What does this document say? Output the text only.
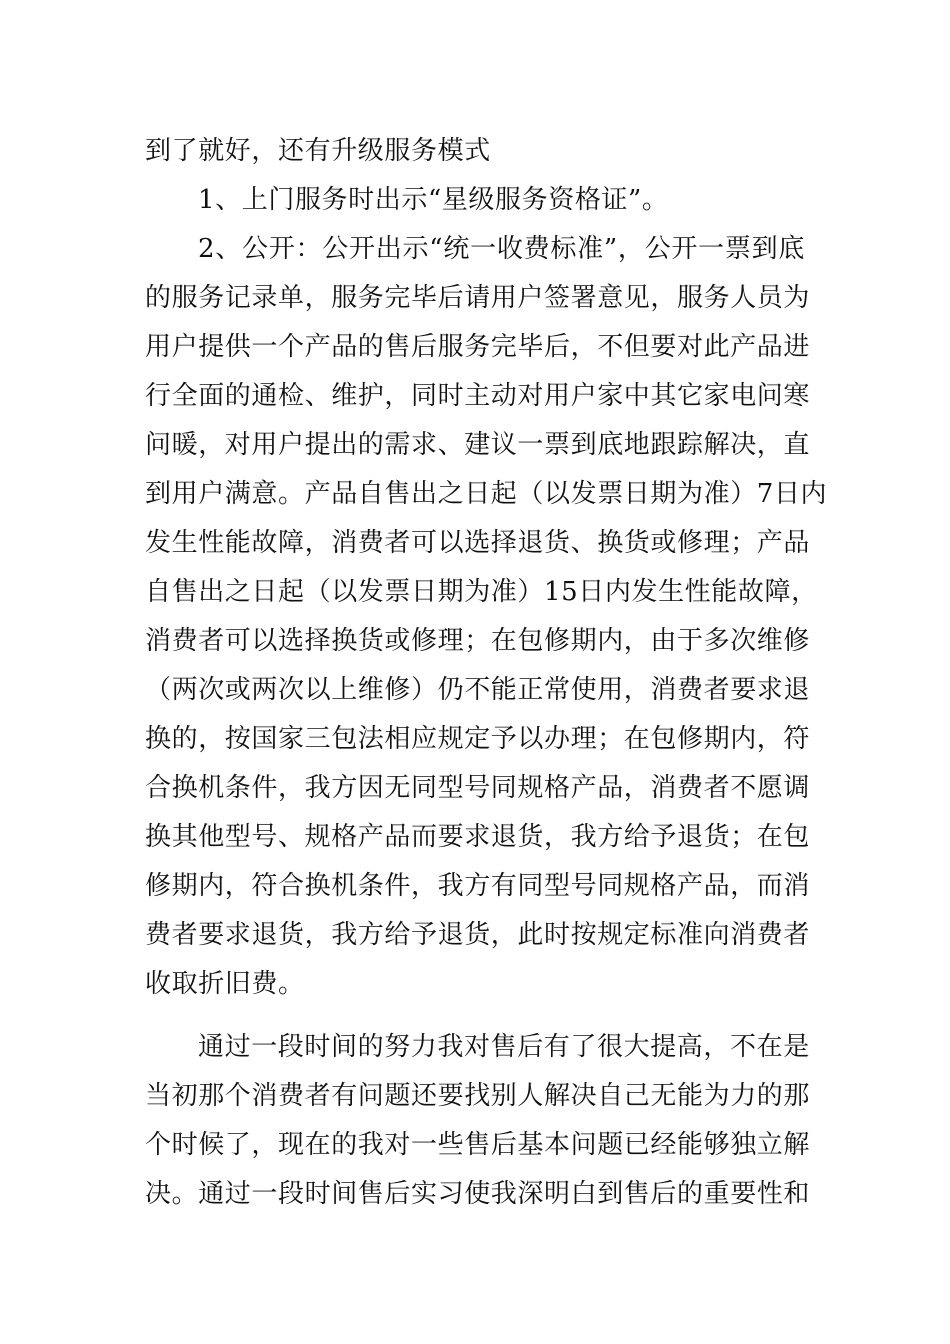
到了就好，还有升级服务模式
1、上门服务时出示“星级服务资格证”。
2、公开：公开出示“统一收费标准”，公开一票到底
的服务记录单，服务完毕后请用户签署意见，服务人员为
用户提供一个产品的售后服务完毕后，不但要对此产品进
行全面的通检、维护，同时主动对用户家中其它家电问寒
问暖，对用户提出的需求、建议一票到底地跟踪解决，直
到用户满意。产品自售出之日起（以发票日期为准）7日内
发生性能故障，消费者可以选择退货、换货或修理；产品
自售出之日起（以发票日期为准）15日内发生性能故障，
消费者可以选择换货或修理；在包修期内，由于多次维修
（两次或两次以上维修）仍不能正常使用，消费者要求退
换的，按国家三包法相应规定予以办理；在包修期内，符
合换机条件，我方因无同型号同规格产品，消费者不愿调
换其他型号、规格产品而要求退货，我方给予退货；在包
修期内，符合换机条件，我方有同型号同规格产品，而消
费者要求退货，我方给予退货，此时按规定标准向消费者
收取折旧费。
通过一段时间的努力我对售后有了很大提高，不在是
当初那个消费者有问题还要找别人解决自己无能为力的那
个时候了，现在的我对一些售后基本问题已经能够独立解
决。通过一段时间售后实习使我深明白到售后的重要性和
